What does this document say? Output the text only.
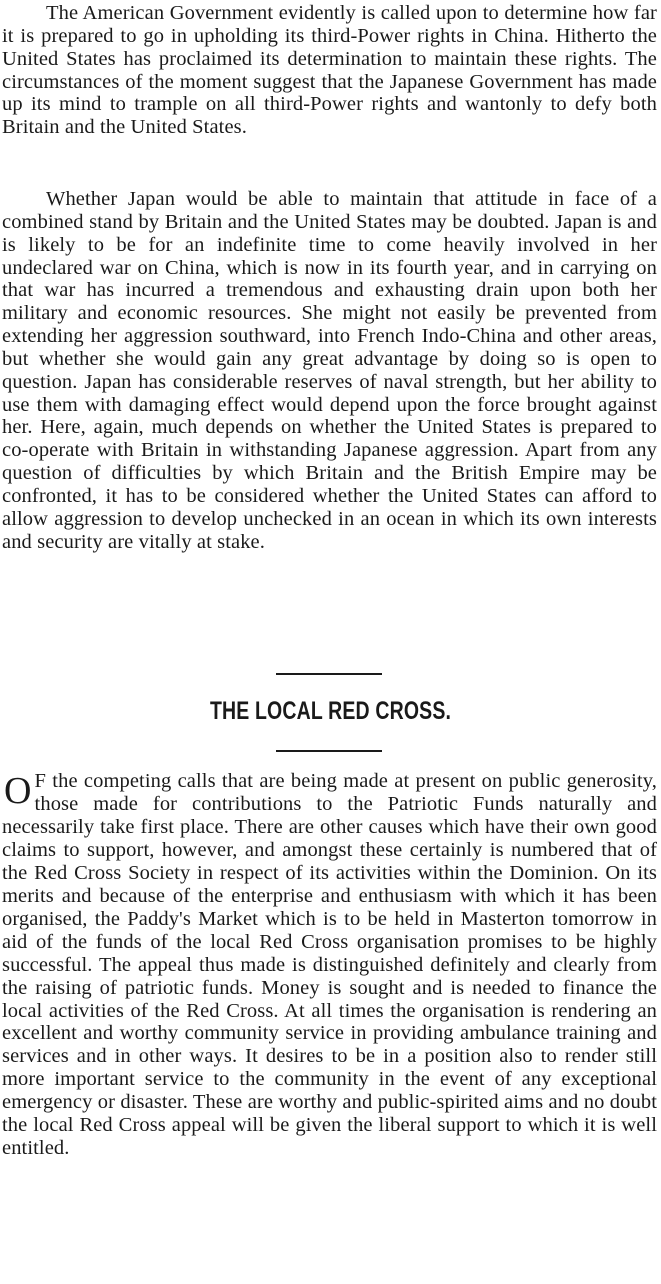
The American Government evidently is called upon to determine how far it is prepared to go in upholding its third-Power rights in China. Hitherto the United States has proclaimed its determination to maintain these rights. The circumstances of the moment suggest that the Japanese Government has made up its mind to trample on all third-Power rights and wantonly to defy both Britain and the United States.

Whether Japan would be able to maintain that attitude in face of a combined stand by Britain and the United States may be doubted. Japan is and is likely to be for an indefinite time to come heavily involved in her undeclared war on China, which is now in its fourth year, and in carrying on that war has incurred a tremendous and exhausting drain upon both her military and economic resources. She might not easily be prevented from extending her aggression southward, into French Indo-China and other areas, but whether she would gain any great advantage by doing so is open to question. Japan has considerable reserves of naval strength, but her ability to use them with damaging effect would depend upon the force brought against her. Here, again, much depends on whether the United States is prepared to co-operate with Britain in withstanding Japanese aggression. Apart from any question of difficulties by which Britain and the British Empire may be confronted, it has to be considered whether the United States can afford to allow aggression to develop unchecked in an ocean in which its own interests and security are vitally at stake.

THE LOCAL RED CROSS.

O F the competing calls that are being made at present on public generosity, those made for contributions to the Patriotic Funds naturally and necessarily take first place. There are other causes which have their own good claims to support, however, and amongst these certainly is numbered that of the Red Cross Society in respect of its activities within the Dominion. On its merits and because of the enterprise and enthusiasm with which it has been organised, the Paddy's Market which is to be held in Masterton tomorrow in aid of the funds of the local Red Cross organisation promises to be highly successful. The appeal thus made is distinguished definitely and clearly from the raising of patriotic funds. Money is sought and is needed to finance the local activities of the Red Cross. At all times the organisation is rendering an excellent and worthy community service in providing ambulance training and services and in other ways. It desires to be in a position also to render still more important service to the community in the event of any exceptional emergency or disaster. These are worthy and public-spirited aims and no doubt the local Red Cross appeal will be given the liberal support to which it is well entitled.
